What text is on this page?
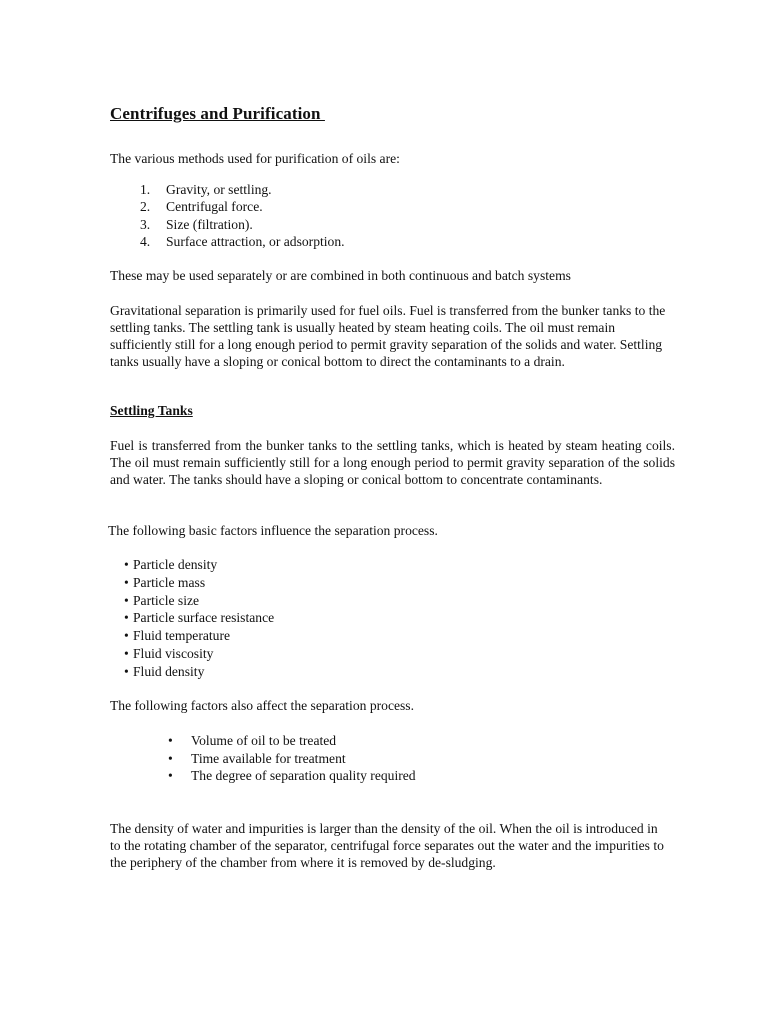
Centrifuges and Purification

The various methods used for purification of oils are:

1. Gravity, or settling.
2. Centrifugal force.
3. Size (filtration).
4. Surface attraction, or adsorption.

These may be used separately or are combined in both continuous and batch systems

Gravitational separation is primarily used for fuel oils. Fuel is transferred from the bunker tanks to the settling tanks. The settling tank is usually heated by steam heating coils. The oil must remain sufficiently still for a long enough period to permit gravity separation of the solids and water. Settling tanks usually have a sloping or conical bottom to direct the contaminants to a drain.

Settling Tanks

Fuel is transferred from the bunker tanks to the settling tanks, which is heated by steam heating coils. The oil must remain sufficiently still for a long enough period to permit gravity separation of the solids and water. The tanks should have a sloping or conical bottom to concentrate contaminants.

The following basic factors influence the separation process.

• Particle density
• Particle mass
• Particle size
• Particle surface resistance
• Fluid temperature
• Fluid viscosity
• Fluid density

The following factors also affect the separation process.

• Volume of oil to be treated
• Time available for treatment
• The degree of separation quality required

The density of water and impurities is larger than the density of the oil. When the oil is introduced in to the rotating chamber of the separator, centrifugal force separates out the water and the impurities to the periphery of the chamber from where it is removed by de-sludging.
